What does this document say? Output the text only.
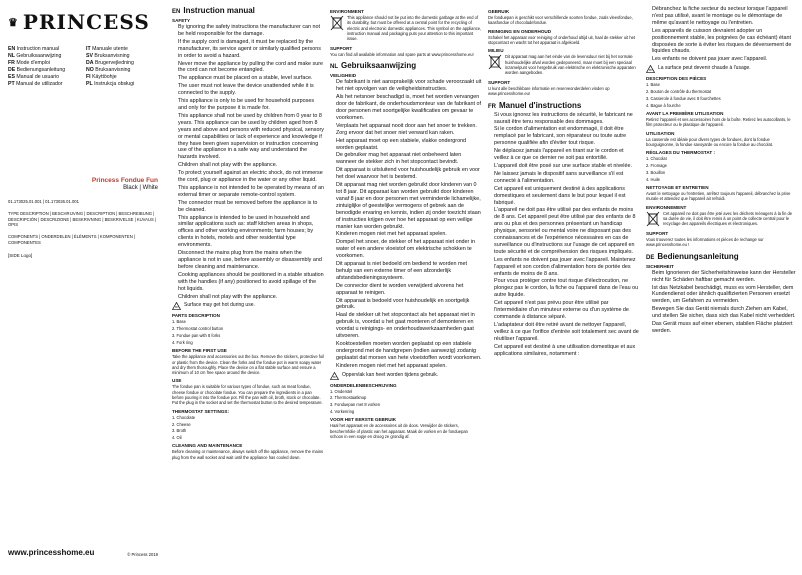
♛ PRINCESS
EN Instruction manual	IT Manuale utente
NL Gebruiksaanwijzing	SV Bruksanvisning
FR Mode d'emploi	DA Brugervejledning
DE Bedienungsanleitung	NO Bruksanvisning
ES Manual de usuario	FI Käyttöohje
PT Manual de utilizador	PL Instrukcja obsługi
Princess Fondue Fun
Black | White
01.173025.01.001 | 01.173026.01.001
TYPE DESCRIPTION | BESCHRIJVING | DESCRIPTION | BESCHREIBUNG | DESCRIPCIÓN | DESCRIZIONE | BESKRIVNING | BESKRIVELSE | KUVAUS | OPIS
COMPONENTS | ONDERDELEN | ÉLÉMENTS | KOMPONENTEN | COMPONENTES
[SIDE Logo]
www.princesshome.eu	© Princess 2019
EN Instruction manual
SAFETY
• By ignoring the safety instructions the manufacturer can not be held responsible for the damage.
• If the supply cord is damaged, it must be replaced by the manufacturer, its service agent or similarly qualified persons in order to avoid a hazard.
• Never move the appliance by pulling the cord and make sure the cord can not become entangled.
• The appliance must be placed on a stable, level surface.
• The user must not leave the device unattended while it is connected to the supply.
• This appliance is only to be used for household purposes and only for the purpose it is made for.
• This appliance shall not be used by children from 0 year to 8 years. This appliance can be used by children aged from 8 years and above and persons with reduced physical, sensory or mental capabilities or lack of experience and knowledge if they have been given supervision or instruction concerning use of the appliance in a safe way and understand the hazards involved.
• Children shall not play with the appliance.
• To protect yourself against an electric shock, do not immerse the cord, plug or appliance in the water or any other liquid.
• This appliance is not intended to be operated by means of an external timer or separate remote-control system.
• The connector must be removed before the appliance is to be cleaned.
• This appliance is intended to be used in household and similar applications such as: staff kitchen areas in shops, offices and other working environments; farm houses; by clients in hotels, motels and other residential type environments.
• Disconnect the mains plug from the mains when the appliance is not in use, before assembly or disassembly and before cleaning and maintenance.
• Cooking appliances should be positioned in a stable situation with the handles (if any) positioned to avoid spillage of the hot liquids.
• Children shall not play with the appliance.
Surface may get hot during use.
PARTS DESCRIPTION

1. Base

2. Thermostat control button

3. Fondue pan with 8 forks

4. Fork ring

BEFORE THE FIRST USE

Take the appliance and accessories out the box. Remove the stickers, protective foil or plastic from the device. Clean the forks and the fondue pot in warm soapy water and dry them thoroughly. Place the device on a flat stable surface and ensure a minimum of 10 cm free space around the device.

USE

The fondue pan is suitable for various types of fondue, such as meat fondue, cheese fondue or chocolate fondue. You can prepare the ingredients in a pan before pouring it into the fondue pot. Fill the pan with oil, broth, stock or chocolate. Put the plug in the socket and set the thermostat button to the desired temperature.

THERMOSTAT SETTINGS:

1. Chocolate

2. Cheese

3. Broth

4. Oil

CLEANING AND MAINTENANCE

Before cleaning or maintenance, always switch off the appliance, remove the mains plug from the wall socket and wait until the appliance has cooled down.

ENVIRONMENT

This appliance should not be put into the domestic garbage at the end of its durability, but must be offered at a central point for the recycling of electric and electronic domestic appliances. This symbol on the appliance, instruction manual and packaging puts your attention to this important issue.

SUPPORT

You can find all available information and spare parts at www.princesshome.eu!

NL Gebruiksaanwijzing
VEILIGHEID
• De fabrikant is niet aansprakelijk voor schade veroorzaakt uit het niet opvolgen van de veiligheidsinstructies.
• Als het netsnoer beschadigd is, moet het worden vervangen door de fabrikant, de onderhoudsmonteur van de fabrikant of door personen met soortgelijke kwalificaties om gevaar te voorkomen.
• Verplaats het apparaat nooit door aan het snoer te trekken. Zorg ervoor dat het snoer niet verward kan raken.
• Het apparaat moet op een stabiele, vlakke ondergrond worden geplaatst.
• De gebruiker mag het apparaat niet onbeheerd laten wanneer de stekker zich in het stopcontact bevindt.
• Dit apparaat is uitsluitend voor huishoudelijk gebruik en voor het doel waarvoor het is bestemd.
• Dit apparaat mag niet worden gebruikt door kinderen van 0 tot 8 jaar. Dit apparaat kan worden gebruikt door kinderen vanaf 8 jaar en door personen met verminderde lichamelijke, zintuiglijke of geestelijke vermogens of gebrek aan de benodigde ervaring en kennis, indien zij onder toezicht staan of instructies krijgen over hoe het apparaat op een veilige manier kan worden gebruikt.
• Kinderen mogen niet met het apparaat spelen.
• Dompel het snoer, de stekker of het apparaat niet onder in water of een andere vloeistof om elektrische schokken te voorkomen.
• Dit apparaat is niet bedoeld om bediend te worden met behulp van een externe timer of een afzonderlijk afstandsbedieningssysteem.
• De connector dient te worden verwijderd alvorens het apparaat te reinigen.
• Dit apparaat is bedoeld voor huishoudelijk en soortgelijk gebruik.
• Haal de stekker uit het stopcontact als het apparaat niet in gebruik is, voordat u het gaat monteren of demonteren en voordat u reinigings- en onderhoudswerkzaamheden gaat uitvoeren.
• Kooktoestellen moeten worden geplaatst op een stabiele ondergrond met de handgrepen (indien aanwezig) zodanig geplaatst dat morsen van hete vloeistoffen wordt voorkomen.
• Kinderen mogen niet met het apparaat spelen.
Oppervlak kan heet worden tijdens gebruik.
ONDERDELENBESCHRIJVING

1. Onderstel

2. Thermostaatknop

3. Fonduepan met 8 vorken

4. Vorkenring

VOOR HET EERSTE GEBRUIK

Haal het apparaat en de accessoires uit de doos. Verwijder de stickers, beschermfolie of plastic van het apparaat. Maak de vorken en de fonduepan schoon in een sopje en droog ze grondig af.

GEBRUIK

De fonduepan is geschikt voor verschillende soorten fondue, zoals vleesfondue, kaasfondue of chocoladefondue.

REINIGING EN ONDERHOUD

Schakel het apparaat voor reiniging of onderhoud altijd uit, haal de stekker uit het stopcontact en wacht tot het apparaat is afgekoeld.

MILIEU

Dit apparaat mag aan het einde van de levensduur niet bij het normale huishoudelijke afval worden gedeponeerd, maar moet bij een speciaal inzamelpunt voor hergebruik van elektrische en elektronische apparaten worden aangeboden.

SUPPORT

U kunt alle beschikbare informatie en reserveonderdelen vinden op www.princesshome.eu!

FR Manuel d'instructions
• Si vous ignorez les instructions de sécurité, le fabricant ne saurait être tenu responsable des dommages.
• Si le cordon d'alimentation est endommagé, il doit être remplacé par le fabricant, son réparateur ou toute autre personne qualifiée afin d'éviter tout risque.
• Ne déplacez jamais l'appareil en tirant sur le cordon et veillez à ce que ce dernier ne soit pas entortillé.
• L'appareil doit être posé sur une surface stable et nivelée.
• Ne laissez jamais le dispositif sans surveillance s'il est connecté à l'alimentation.
• Cet appareil est uniquement destiné à des applications domestiques et seulement dans le but pour lequel il est fabriqué.
• L'appareil ne doit pas être utilisé par des enfants de moins de 8 ans. Cet appareil peut être utilisé par des enfants de 8 ans ou plus et des personnes présentant un handicap physique, sensoriel ou mental voire ne disposant pas des connaissances et de l'expérience nécessaires en cas de surveillance ou d'instructions sur l'usage de cet appareil en toute sécurité et de compréhension des risques impliqués.
• Les enfants ne doivent pas jouer avec l'appareil. Maintenez l'appareil et son cordon d'alimentation hors de portée des enfants de moins de 8 ans.
• Pour vous protéger contre tout risque d'électrocution, ne plongez pas le cordon, la fiche ou l'appareil dans de l'eau ou autre liquide.
• Cet appareil n'est pas prévu pour être utilisé par l'intermédiaire d'un minuteur externe ou d'un système de commande à distance séparé.
• L'adaptateur doit être retiré avant de nettoyer l'appareil, veillez à ce que l'orifice d'entrée soit totalement sec avant de réutiliser l'appareil.
• Cet appareil est destiné à une utilisation domestique et aux applications similaires, notamment :
• Débranchez la fiche secteur du secteur lorsque l'appareil n'est pas utilisé, avant le montage ou le démontage de même qu'avant le nettoyage ou l'entretien.
• Les appareils de cuisson devraient adopter un positionnement stable, les poignées (le cas échéant) étant disposées de sorte à éviter les risques de déversement de liquides chauds.
• Les enfants ne doivent pas jouer avec l'appareil.
La surface peut devenir chaude à l'usage.
DESCRIPTION DES PIÈCES

1. Base

2. Bouton de contrôle du thermostat

3. Casserole à fondue avec 8 fourchettes

4. Bague à fourche

AVANT LA PREMIÈRE UTILISATION

Retirez l'appareil et ses accessoires hors de la boîte. Retirez les autocollants, le film protecteur ou le plastique de l'appareil.

UTILISATION

La casserole est idéale pour divers types de fondues, dont la fondue bourguignonne, la fondue savoyarde ou encore la fondue au chocolat.

RÉGLAGES DU THERMOSTAT :

1. Chocolat

2. Fromage

3. Bouillon

4. Huile

NETTOYAGE ET ENTRETIEN

Avant le nettoyage ou l'entretien, arrêtez toujours l'appareil, débranchez la prise murale et attendez que l'appareil ait refroidi.

ENVIRONNEMENT

Cet appareil ne doit pas être jeté avec les déchets ménagers à la fin de sa durée de vie, il doit être remis à un point de collecte central pour le recyclage des appareils électriques et électroniques.

SUPPORT

Vous trouverez toutes les informations et pièces de rechange sur www.princesshome.eu !

DE Bedienungsanleitung
SICHERHEIT
• Beim Ignorieren der Sicherheitshinweise kann der Hersteller nicht für Schäden haftbar gemacht werden.
• Ist das Netzkabel beschädigt, muss es vom Hersteller, dem Kundendienst oder ähnlich qualifizierten Personen ersetzt werden, um Gefahren zu vermeiden.
• Bewegen Sie das Gerät niemals durch Ziehen am Kabel, und stellen Sie sicher, dass sich das Kabel nicht verheddert.
• Das Gerät muss auf einer ebenen, stabilen Fläche platziert werden.
